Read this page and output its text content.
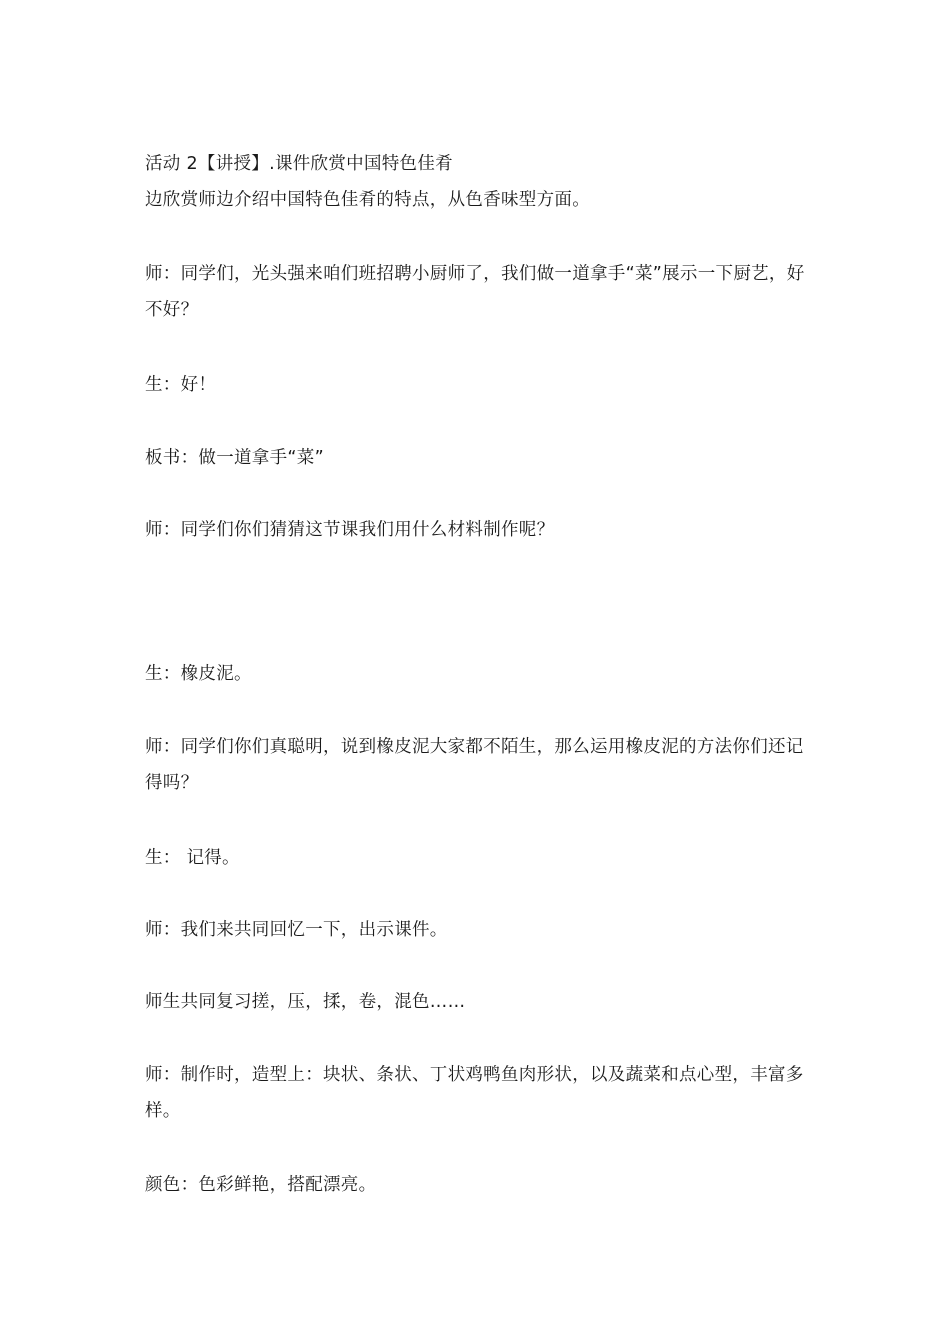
活动 2【讲授】.课件欣赏中国特色佳肴
边欣赏师边介绍中国特色佳肴的特点，从色香味型方面。
师：同学们，光头强来咱们班招聘小厨师了，我们做一道拿手“菜”展示一下厨艺，好不好？
生：好！
板书：做一道拿手“菜”
师：同学们你们猜猜这节课我们用什么材料制作呢？
生：橡皮泥。
师：同学们你们真聪明，说到橡皮泥大家都不陌生，那么运用橡皮泥的方法你们还记得吗？
生： 记得。
师：我们来共同回忆一下，出示课件。
师生共同复习搓，压，揉，卷，混色……
师：制作时，造型上：块状、条状、丁状鸡鸭鱼肉形状，以及蔬菜和点心型，丰富多样。
颜色：色彩鲜艳，搭配漂亮。
